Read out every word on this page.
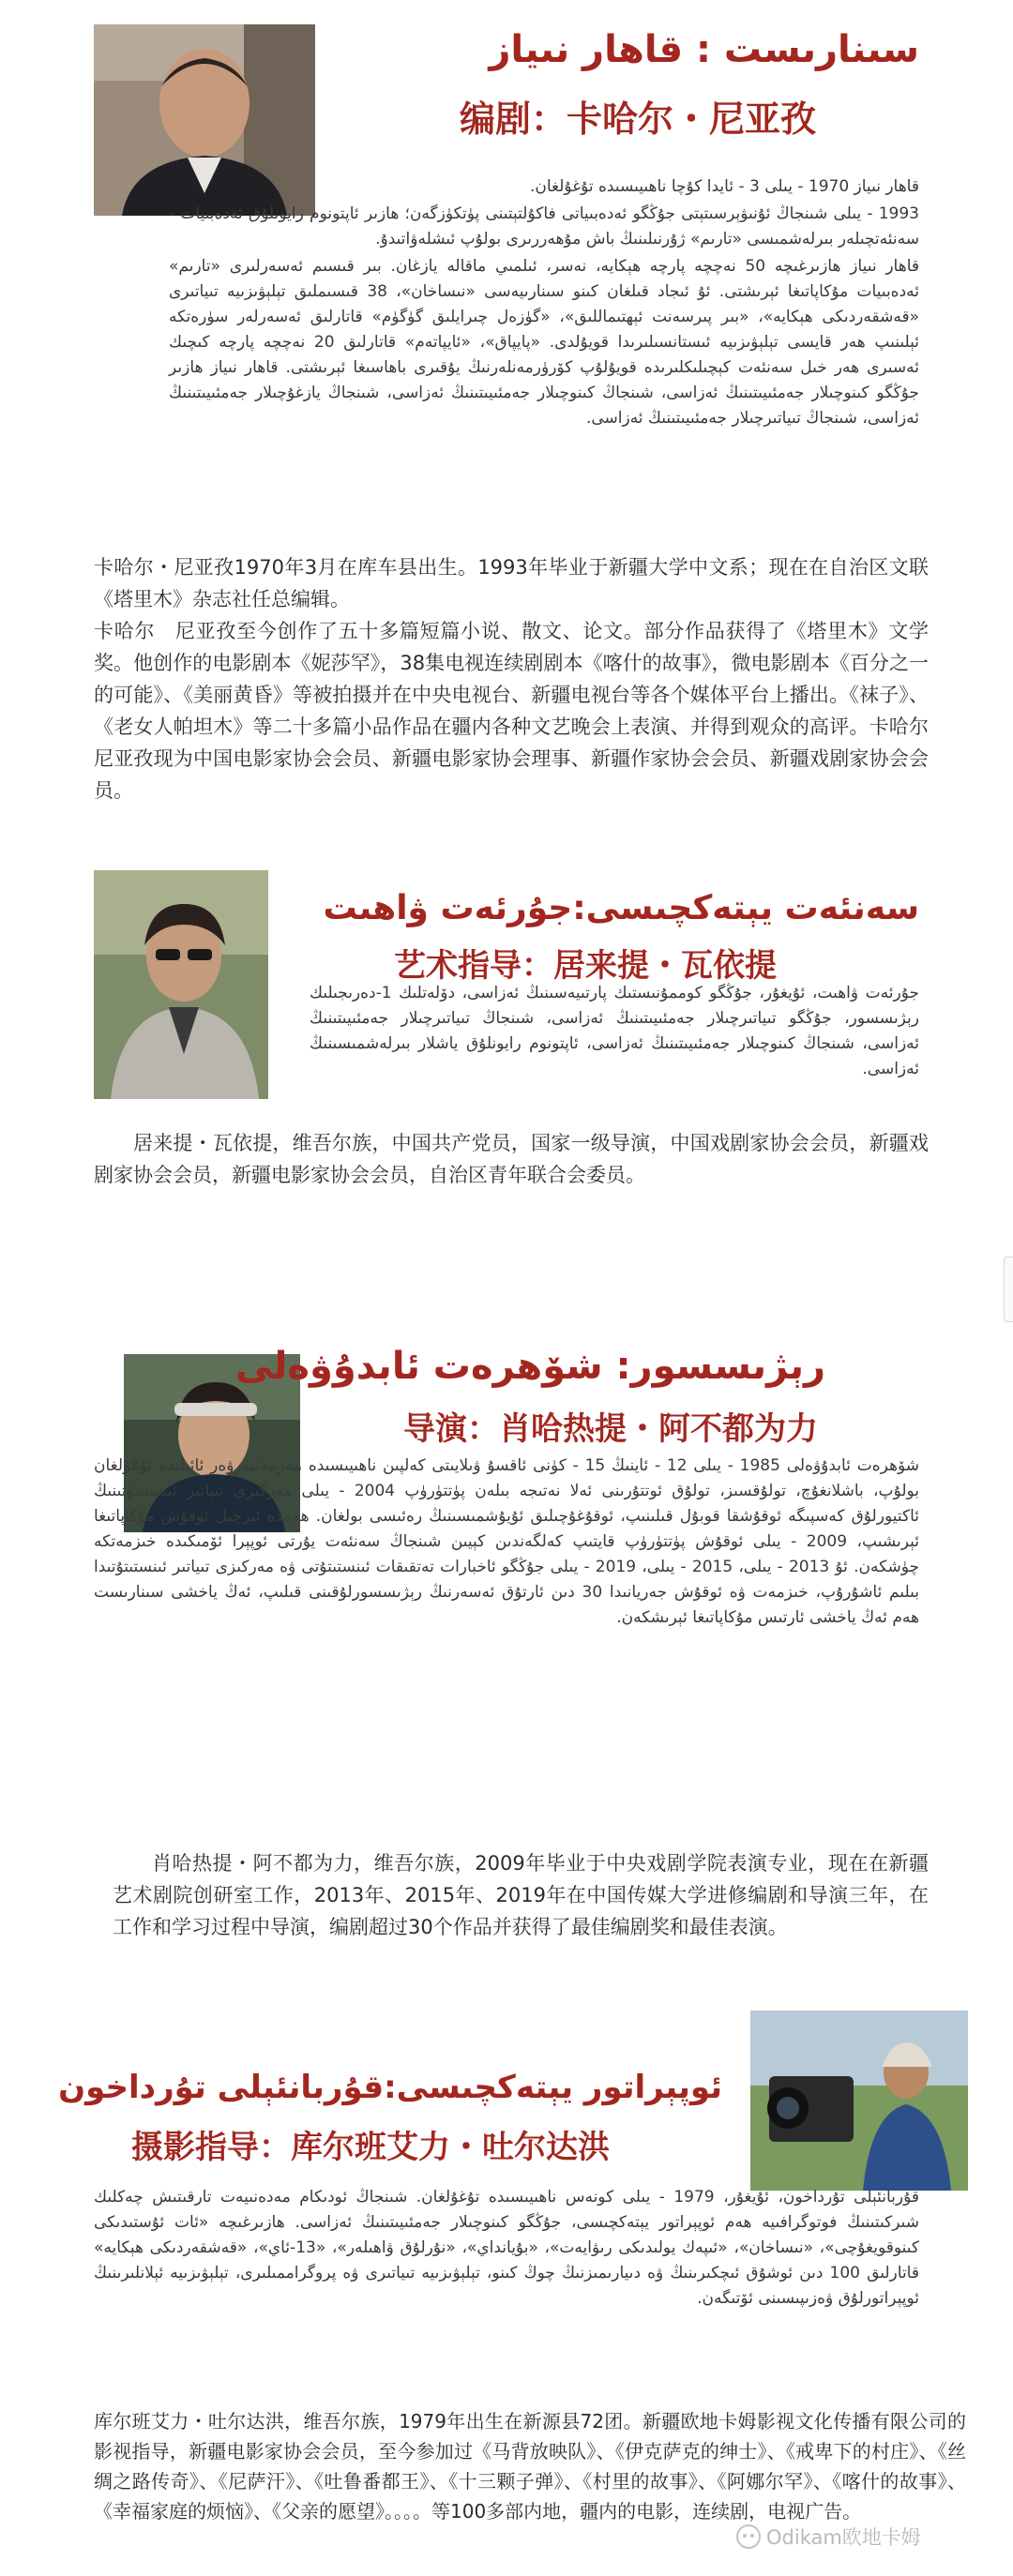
سىنارىست : قاھار نىياز
编剧：卡哈尔・尼亚孜

قاھار نىياز 1970 - يىلى 3 - ئايدا كۇچا ناھىيىسىدە تۇغۇلغان.

1993 - يىلى شىنجاڭ ئۇنىۋېرسىتېتى جۇڭگو ئەدەبىياتى فاكۇلتېتىنى پۈتكۈزگەن؛ ھازىر ئاپتونوم رايونلۇق ئەدەبىيات - سەنئەتچىلەر بىرلەشمىسى «تارىم» ژۇرنىلىنىڭ باش مۇھەررىرى بولۇپ ئىشلەۋاتىدۇ.

قاھار نىياز ھازىرغىچە 50 نەچچە پارچە ھېكايە، نەسر، ئىلمىي ماقالە يازغان. بىر قىسىم ئەسەرلىرى «تارىم» ئەدەبىيات مۇكاپاتىغا ئېرىشتى. ئۇ ئىجاد قىلغان كىنو سىنارىيەسى «نىساخان»، 38 قىسىملىق تېلېۋىزىيە تىياتىرى «قەشقەردىكى ھېكايە»، «بىر پىرسەنت ئېھتىماللىق»، «گۈزەل چىرايلىق گۈگۈم» قاتارلىق ئەسەرلەر سۈرەتكە ئېلىنىپ ھەر قايسى تېلېۋىزىيە ئىستانسىلىرىدا قويۇلدى. «پايپاق»، «ئايپاتەم» قاتارلىق 20 نەچچە پارچە كىچىك ئەسىرى ھەر خىل سەنئەت كېچىلىكلىرىدە قويۇلۇپ كۆرۈرمەنلەرنىڭ يۇقىرى باھاسىغا ئېرىشتى. قاھار نىياز ھازىر جۇڭگو كىنوچىلار جەمئىيىتىنىڭ ئەزاسى، شىنجاڭ كىنوچىلار جەمئىيىتىنىڭ ئەزاسى، شىنجاڭ يازغۇچىلار جەمئىيىتىنىڭ ئەزاسى، شىنجاڭ تىياتىرچىلار جەمئىيىتىنىڭ ئەزاسى.

卡哈尔・尼亚孜1970年3月在库车县出生。1993年毕业于新疆大学中文系；现在在自治区文联《塔里木》杂志社任总编辑。

卡哈尔　尼亚孜至今创作了五十多篇短篇小说、散文、论文。部分作品获得了《塔里木》文学奖。他创作的电影剧本《妮莎罕》，38集电视连续剧剧本《喀什的故事》，微电影剧本《百分之一的可能》、《美丽黄昏》等被拍摄并在中央电视台、新疆电视台等各个媒体平台上播出。《袜子》、《老女人帕坦木》等二十多篇小品作品在疆内各种文艺晚会上表演、并得到观众的高评。卡哈尔　尼亚孜现为中国电影家协会会员、新疆电影家协会理事、新疆作家协会会员、新疆戏剧家协会会员。

سەنئەت يېتەكچىسى:جۇرئەت ۋاھىت
艺术指导：居来提・瓦依提
جۇرئەت ۋاھىت، ئۇيغۇر، جۇڭگو كوممۇنىستىك پارتىيەسىنىڭ ئەزاسى، دۆلەتلىك 1-دەرىجىلىك رېژىسسور، جۇڭگو تىياتىرچىلار جەمئىيىتىنىڭ ئەزاسى، شىنجاڭ تىياتىرچىلار جەمئىيىتىنىڭ ئەزاسى، شىنجاڭ كىنوچىلار جەمئىيىتىنىڭ ئەزاسى، ئاپتونوم رايونلۇق ياشلار بىرلەشمىسىنىڭ ئەزاسى.
居来提・瓦依提，维吾尔族，中国共产党员，国家一级导演，中国戏剧家协会会员，新疆戏剧家协会会员，新疆电影家协会会员，自治区青年联合会委员。
رېژىسسور: شۆھرەت ئابدۇۋەلى
导演：肖哈热提・阿不都为力
شۆھرەت ئابدۇۋەلى 1985 - يىلى 12 - ئاينىڭ 15 - كۈنى ئاقسۇ ۋىلايىتى كەلپىن ناھىيىسىدە مەرىپەتپەرۋەر ئائىلىدە تۇغۇلغان بولۇپ، باشلانغۇچ، تولۇقسىز، تولۇق ئوتتۇرىنى ئەلا نەتىجە بىلەن پۈتتۈرۈپ 2004 - يىلى مەركىزى تىياتىر ئىنستىتۇتىنىڭ ئاكتيورلۇق كەسپىگە ئوقۇشقا قوبۇل قىلىنىپ، ئوقۇغۇچىلىق ئۇيۇشمىسىنىڭ رەئىسى بولغان. ھەمدە ئىزچىل ئوقۇش مۇكاپاتىغا ئېرىشىپ، 2009 - يىلى ئوقۇش پۈتتۈرۈپ قايتىپ كەلگەندىن كېيىن شىنجاڭ سەنئەت يۇرتى ئوپېرا ئۆمىكىدە خىزمەتكە چۈشكەن. ئۇ 2013 - يىلى، 2015 - يىلى، 2019 - يىلى جۇڭگو ئاخبارات تەتقىقات ئىنستىتۇتى ۋە مەركىزى تىياتىر ئىنستىتۇتىدا بىلىم ئاشۇرۇپ، خىزمەت ۋە ئوقۇش جەريانىدا 30 دىن ئارتۇق ئەسەرنىڭ رېژىسسورلۇقىنى قىلىپ، ئەڭ ياخشى سىنارىست ھەم ئەڭ ياخشى ئارتىس مۇكاپاتىغا ئېرىشكەن.
肖哈热提・阿不都为力，维吾尔族，2009年毕业于中央戏剧学院表演专业，现在在新疆艺术剧院创研室工作，2013年、2015年、2019年在中国传媒大学进修编剧和导演三年，在工作和学习过程中导演，编剧超过30个作品并获得了最佳编剧奖和最佳表演。
ئوپېراتور يېتەكچىسى:قۇربانئېلى تۇرداخون
摄影指导：库尔班艾力・吐尔达洪
قۇربانئېلى تۇرداخون، ئۇيغۇر، 1979 - يىلى كونەس ناھىيىسىدە تۇغۇلغان. شىنجاڭ ئودىكام مەدەنىيەت تارقىتىش چەكلىك شىركىتىنىڭ فوتوگرافىيە ھەم ئوپېراتور يېتەكچىسى، جۇڭگو كىنوچىلار جەمئىيىتىنىڭ ئەزاسى. ھازىرغىچە «ئات ئۇستىدىكى كىنوقويغۇچى»، «نىساخان»، «ئىپەك يولىدىكى رىۋايەت»، «بۇيانداي»، «نۇرلۇق ۋاھىلەر»، «13-ئاي»، «قەشقەردىكى ھېكايە» قاتارلىق 100 دىن ئوشۇق ئىچكىرىنىڭ ۋە دىيارىمىزنىڭ چوڭ كىنو، تېلېۋىزىيە تىياتىرى ۋە پروگراممىلىرى، تېلېۋىزىيە ئېلانلىرىنىڭ ئوپېراتورلۇق ۋەزىپىسىنى ئۆتىگەن.
库尔班艾力・吐尔达洪，维吾尔族，1979年出生在新源县72团。新疆欧地卡姆影视文化传播有限公司的影视指导，新疆电影家协会会员，至今参加过《马背放映队》、《伊克萨克的绅士》、《戒卑下的村庄》、《丝绸之路传奇》、《尼萨汗》、《吐鲁番都王》、《十三颗子弹》、《村里的故事》、《阿娜尔罕》、《喀什的故事》、《幸福家庭的烦恼》、《父亲的愿望》。。。。等100多部内地，疆内的电影，连续剧，电视广告。
Odikam欧地卡姆
